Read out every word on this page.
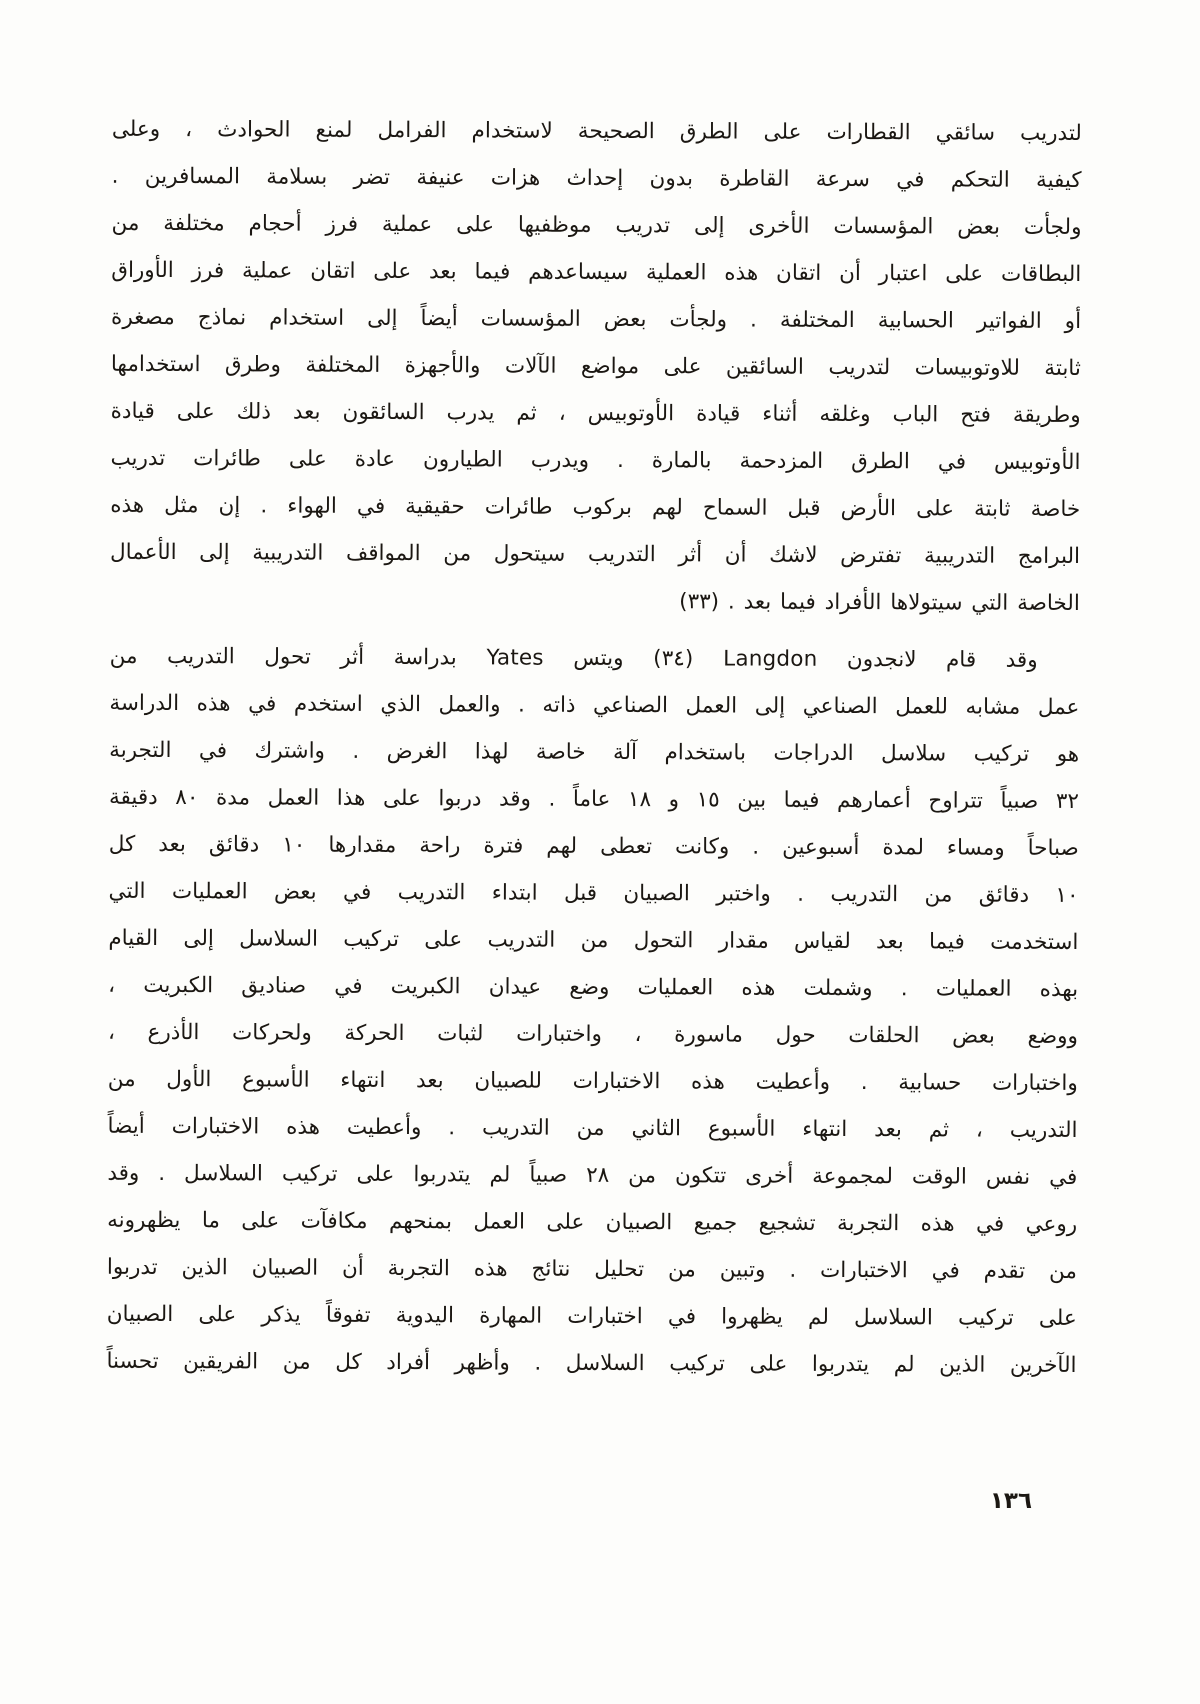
لتدريب سائقي القطارات على الطرق الصحيحة لاستخدام الفرامل لمنع الحوادث ، وعلى

كيفية التحكم في سرعة القاطرة بدون إحداث هزات عنيفة تضر بسلامة المسافرين .

ولجأت بعض المؤسسات الأخرى إلى تدريب موظفيها على عملية فرز أحجام مختلفة من

البطاقات على اعتبار أن اتقان هذه العملية سيساعدهم فيما بعد على اتقان عملية فرز الأوراق

أو الفواتير الحسابية المختلفة . ولجأت بعض المؤسسات أيضاً إلى استخدام نماذج مصغرة

ثابتة للاوتوبيسات لتدريب السائقين على مواضع الآلات والأجهزة المختلفة وطرق استخدامها

وطريقة فتح الباب وغلقه أثناء قيادة الأوتوبيس ، ثم يدرب السائقون بعد ذلك على قيادة

الأوتوبيس في الطرق المزدحمة بالمارة . ويدرب الطيارون عادة على طائرات تدريب

خاصة ثابتة على الأرض قبل السماح لهم بركوب طائرات حقيقية في الهواء . إن مثل هذه

البرامج التدريبية تفترض لاشك أن أثر التدريب سيتحول من المواقف التدريبية إلى الأعمال

الخاصة التي سيتولاها الأفراد فيما بعد . (٣٣)

وقد قام لانجدون Langdon (٣٤) ويتس Yates بدراسة أثر تحول التدريب من

عمل مشابه للعمل الصناعي إلى العمل الصناعي ذاته . والعمل الذي استخدم في هذه الدراسة

هو تركيب سلاسل الدراجات باستخدام آلة خاصة لهذا الغرض . واشترك في التجربة

٣٢ صبياً تتراوح أعمارهم فيما بين ١٥ و ١٨ عاماً . وقد دربوا على هذا العمل مدة ٨٠ دقيقة

صباحاً ومساء لمدة أسبوعين . وكانت تعطى لهم فترة راحة مقدارها ١٠ دقائق بعد كل

١٠ دقائق من التدريب . واختبر الصبيان قبل ابتداء التدريب في بعض العمليات التي

استخدمت فيما بعد لقياس مقدار التحول من التدريب على تركيب السلاسل إلى القيام

بهذه العمليات . وشملت هذه العمليات وضع عيدان الكبريت في صناديق الكبريت ،

ووضع بعض الحلقات حول ماسورة ، واختبارات لثبات الحركة ولحركات الأذرع ،

واختبارات حسابية . وأعطيت هذه الاختبارات للصبيان بعد انتهاء الأسبوع الأول من

التدريب ، ثم بعد انتهاء الأسبوع الثاني من التدريب . وأعطيت هذه الاختبارات أيضاً

في نفس الوقت لمجموعة أخرى تتكون من ٢٨ صبياً لم يتدربوا على تركيب السلاسل . وقد

روعي في هذه التجربة تشجيع جميع الصبيان على العمل بمنحهم مكافآت على ما يظهرونه

من تقدم في الاختبارات . وتبين من تحليل نتائج هذه التجربة أن الصبيان الذين تدربوا

على تركيب السلاسل لم يظهروا في اختبارات المهارة اليدوية تفوقاً يذكر على الصبيان

الآخرين الذين لم يتدربوا على تركيب السلاسل . وأظهر أفراد كل من الفريقين تحسناً

١٣٦
